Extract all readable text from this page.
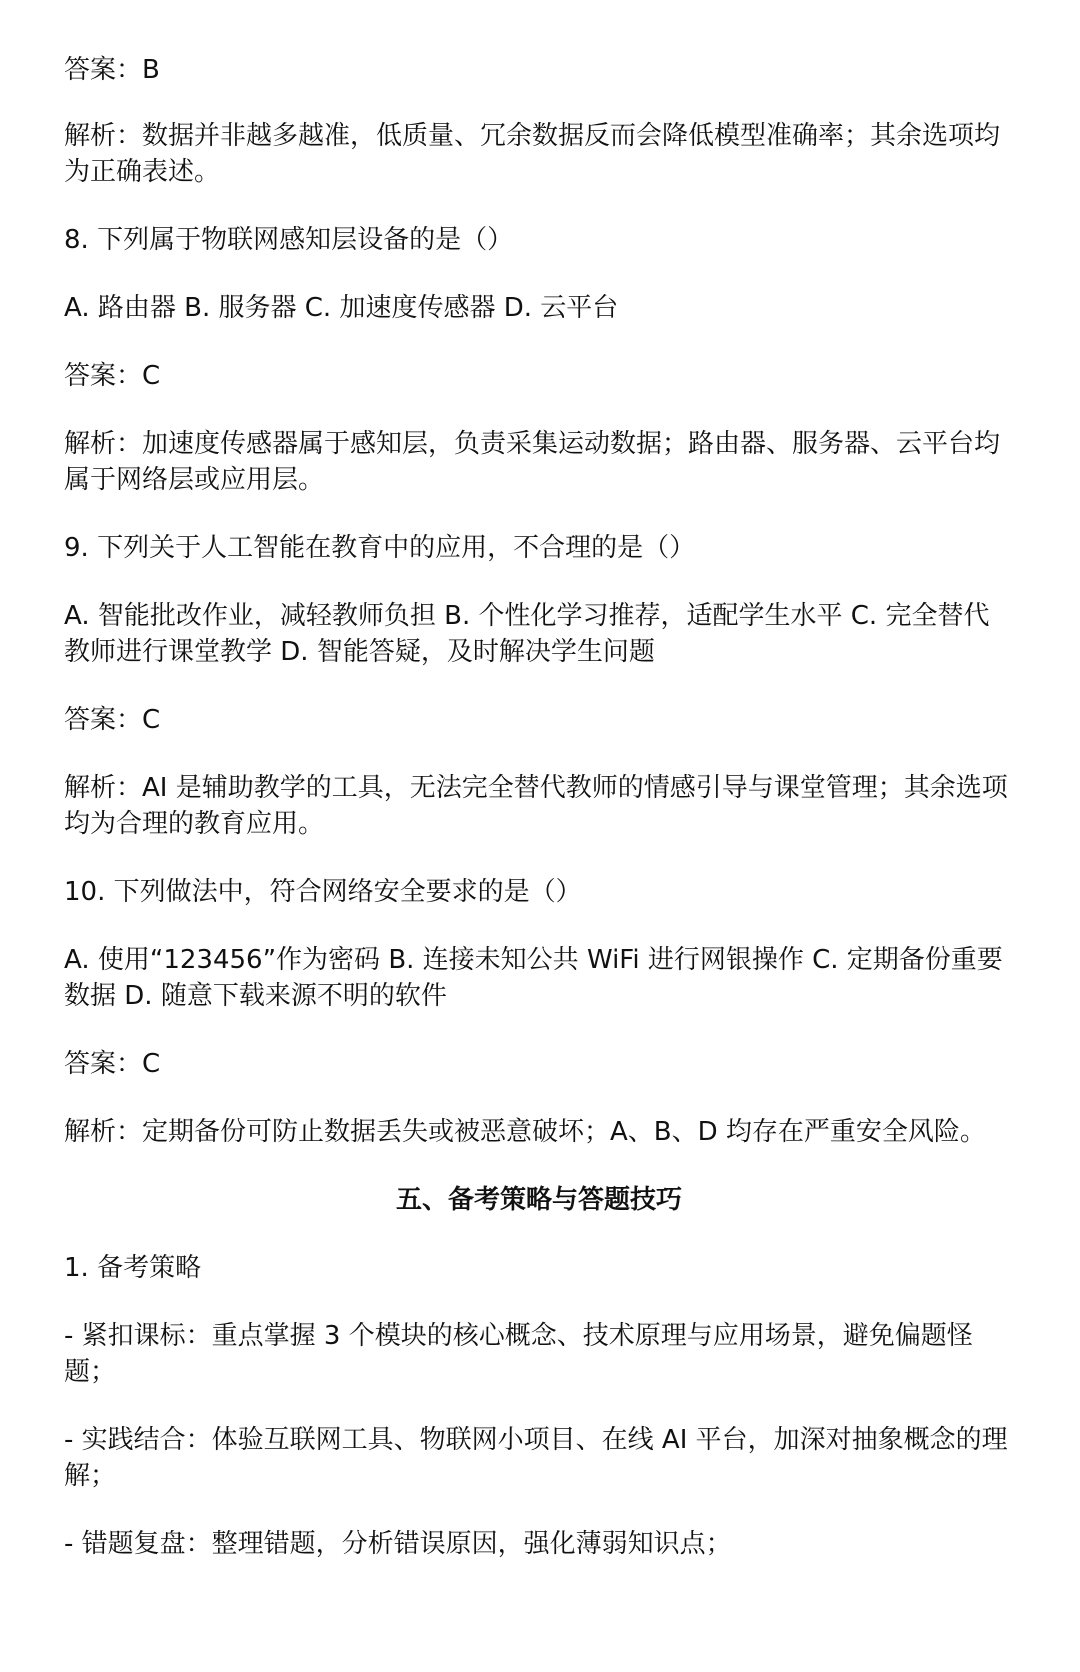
答案：B

解析：数据并非越多越准，低质量、冗余数据反而会降低模型准确率；其余选项均为正确表述。

8. 下列属于物联网感知层设备的是（）

A. 路由器 B. 服务器 C. 加速度传感器 D. 云平台

答案：C

解析：加速度传感器属于感知层，负责采集运动数据；路由器、服务器、云平台均属于网络层或应用层。

9. 下列关于人工智能在教育中的应用，不合理的是（）

A. 智能批改作业，减轻教师负担 B. 个性化学习推荐，适配学生水平 C. 完全替代教师进行课堂教学 D. 智能答疑，及时解决学生问题

答案：C

解析：AI 是辅助教学的工具，无法完全替代教师的情感引导与课堂管理；其余选项均为合理的教育应用。

10. 下列做法中，符合网络安全要求的是（）

A. 使用“123456”作为密码 B. 连接未知公共 WiFi 进行网银操作 C. 定期备份重要数据 D. 随意下载来源不明的软件

答案：C

解析：定期备份可防止数据丢失或被恶意破坏；A、B、D 均存在严重安全风险。

五、备考策略与答题技巧

1. 备考策略

- 紧扣课标：重点掌握 3 个模块的核心概念、技术原理与应用场景，避免偏题怪题；

- 实践结合：体验互联网工具、物联网小项目、在线 AI 平台，加深对抽象概念的理解；

- 错题复盘：整理错题，分析错误原因，强化薄弱知识点；
